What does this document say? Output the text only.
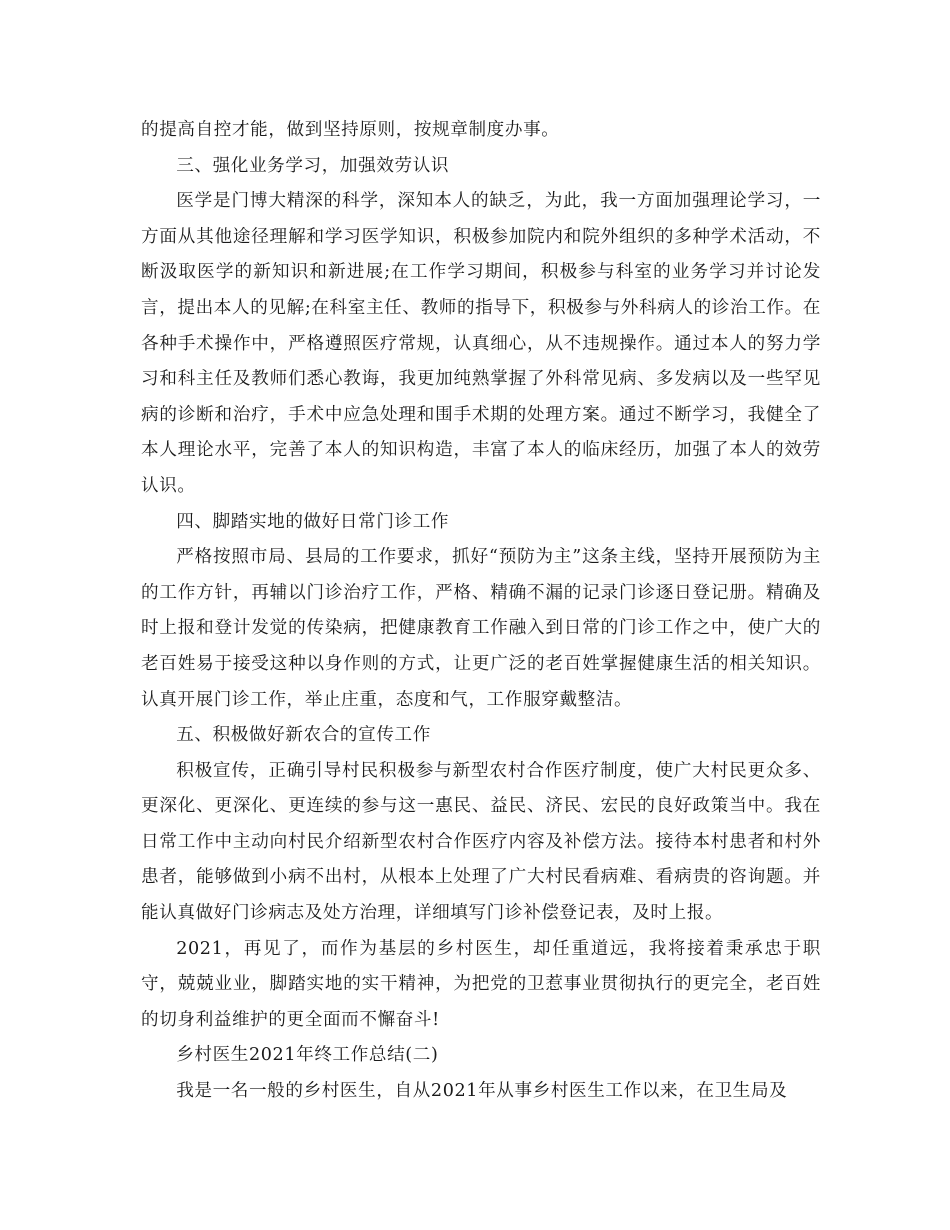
的提高自控才能，做到坚持原则，按规章制度办事。

三、强化业务学习，加强效劳认识

医学是门博大精深的科学，深知本人的缺乏，为此，我一方面加强理论学习，一方面从其他途径理解和学习医学知识，积极参加院内和院外组织的多种学术活动，不断汲取医学的新知识和新进展;在工作学习期间，积极参与科室的业务学习并讨论发言，提出本人的见解;在科室主任、教师的指导下，积极参与外科病人的诊治工作。在各种手术操作中，严格遵照医疗常规，认真细心，从不违规操作。通过本人的努力学习和科主任及教师们悉心教诲，我更加纯熟掌握了外科常见病、多发病以及一些罕见病的诊断和治疗，手术中应急处理和围手术期的处理方案。通过不断学习，我健全了本人理论水平，完善了本人的知识构造，丰富了本人的临床经历，加强了本人的效劳认识。

四、脚踏实地的做好日常门诊工作

严格按照市局、县局的工作要求，抓好“预防为主”这条主线，坚持开展预防为主的工作方针，再辅以门诊治疗工作，严格、精确不漏的记录门诊逐日登记册。精确及时上报和登计发觉的传染病，把健康教育工作融入到日常的门诊工作之中，使广大的老百姓易于接受这种以身作则的方式，让更广泛的老百姓掌握健康生活的相关知识。认真开展门诊工作，举止庄重，态度和气，工作服穿戴整洁。

五、积极做好新农合的宣传工作

积极宣传，正确引导村民积极参与新型农村合作医疗制度，使广大村民更众多、更深化、更深化、更连续的参与这一惠民、益民、济民、宏民的良好政策当中。我在日常工作中主动向村民介绍新型农村合作医疗内容及补偿方法。接待本村患者和村外患者，能够做到小病不出村，从根本上处理了广大村民看病难、看病贵的咨询题。并能认真做好门诊病志及处方治理，详细填写门诊补偿登记表，及时上报。

2021，再见了，而作为基层的乡村医生，却任重道远，我将接着秉承忠于职守，兢兢业业，脚踏实地的实干精神，为把党的卫惹事业贯彻执行的更完全，老百姓的切身利益维护的更全面而不懈奋斗!

乡村医生2021年终工作总结(二)

我是一名一般的乡村医生，自从2021年从事乡村医生工作以来，在卫生局及
